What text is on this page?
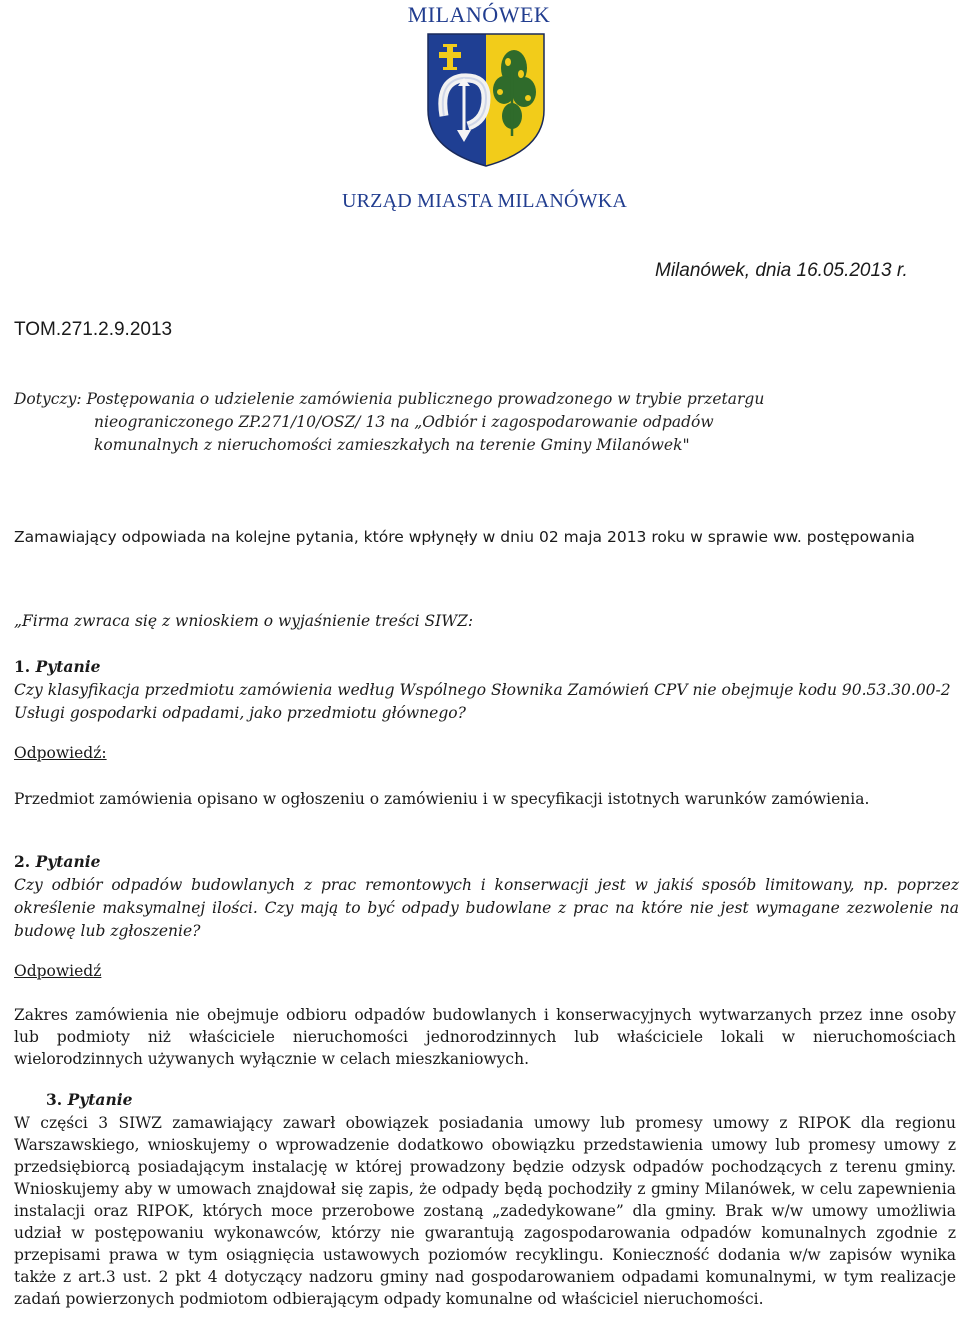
MILANÓWEK
URZĄD MIASTA MILANÓWKA
Milanówek, dnia 16.05.2013 r.
TOM.271.2.9.2013
Dotyczy: Postępowania o udzielenie zamówienia publicznego prowadzonego w trybie przetargu
nieograniczonego ZP.271/10/OSZ/ 13 na „Odbiór i zagospodarowanie odpadów
komunalnych z nieruchomości zamieszkałych na terenie Gminy Milanówek"
Zamawiający odpowiada na kolejne pytania, które wpłynęły w dniu 02 maja 2013 roku w sprawie ww. postępowania
„Firma zwraca się z wnioskiem o wyjaśnienie treści SIWZ:
1. Pytanie
Czy klasyfikacja przedmiotu zamówienia według Wspólnego Słownika Zamówień CPV nie obejmuje kodu 90.53.30.00-2 Usługi gospodarki odpadami, jako przedmiotu głównego?
Odpowiedź:
Przedmiot zamówienia opisano w ogłoszeniu o zamówieniu i w specyfikacji istotnych warunków zamówienia.
2. Pytanie
Czy odbiór odpadów budowlanych z prac remontowych i konserwacji jest w jakiś sposób limitowany, np. poprzez określenie maksymalnej ilości. Czy mają to być odpady budowlane z prac na które nie jest wymagane zezwolenie na budowę lub zgłoszenie?
Odpowiedź
Zakres zamówienia nie obejmuje odbioru odpadów budowlanych i konserwacyjnych wytwarzanych przez inne osoby lub podmioty niż właściciele nieruchomości jednorodzinnych lub właściciele lokali w nieruchomościach wielorodzinnych używanych wyłącznie w celach mieszkaniowych.
3. Pytanie
W części 3 SIWZ zamawiający zawarł obowiązek posiadania umowy lub promesy umowy z RIPOK dla regionu Warszawskiego, wnioskujemy o wprowadzenie dodatkowo obowiązku przedstawienia umowy lub promesy umowy z przedsiębiorcą posiadającym instalację w której prowadzony będzie odzysk odpadów pochodzących z terenu gminy. Wnioskujemy aby w umowach znajdował się zapis, że odpady będą pochodziły z gminy Milanówek, w celu zapewnienia instalacji oraz RIPOK, których moce przerobowe zostaną „zadedykowane” dla gminy. Brak w/w umowy umożliwia udział w postępowaniu wykonawców, którzy nie gwarantują zagospodarowania odpadów komunalnych zgodnie z przepisami prawa w tym osiągnięcia ustawowych poziomów recyklingu. Konieczność dodania w/w zapisów wynika także z art.3 ust. 2 pkt 4 dotyczący nadzoru gminy nad gospodarowaniem odpadami komunalnymi, w tym realizacje zadań powierzonych podmiotom odbierającym odpady komunalne od właściciel nieruchomości.
